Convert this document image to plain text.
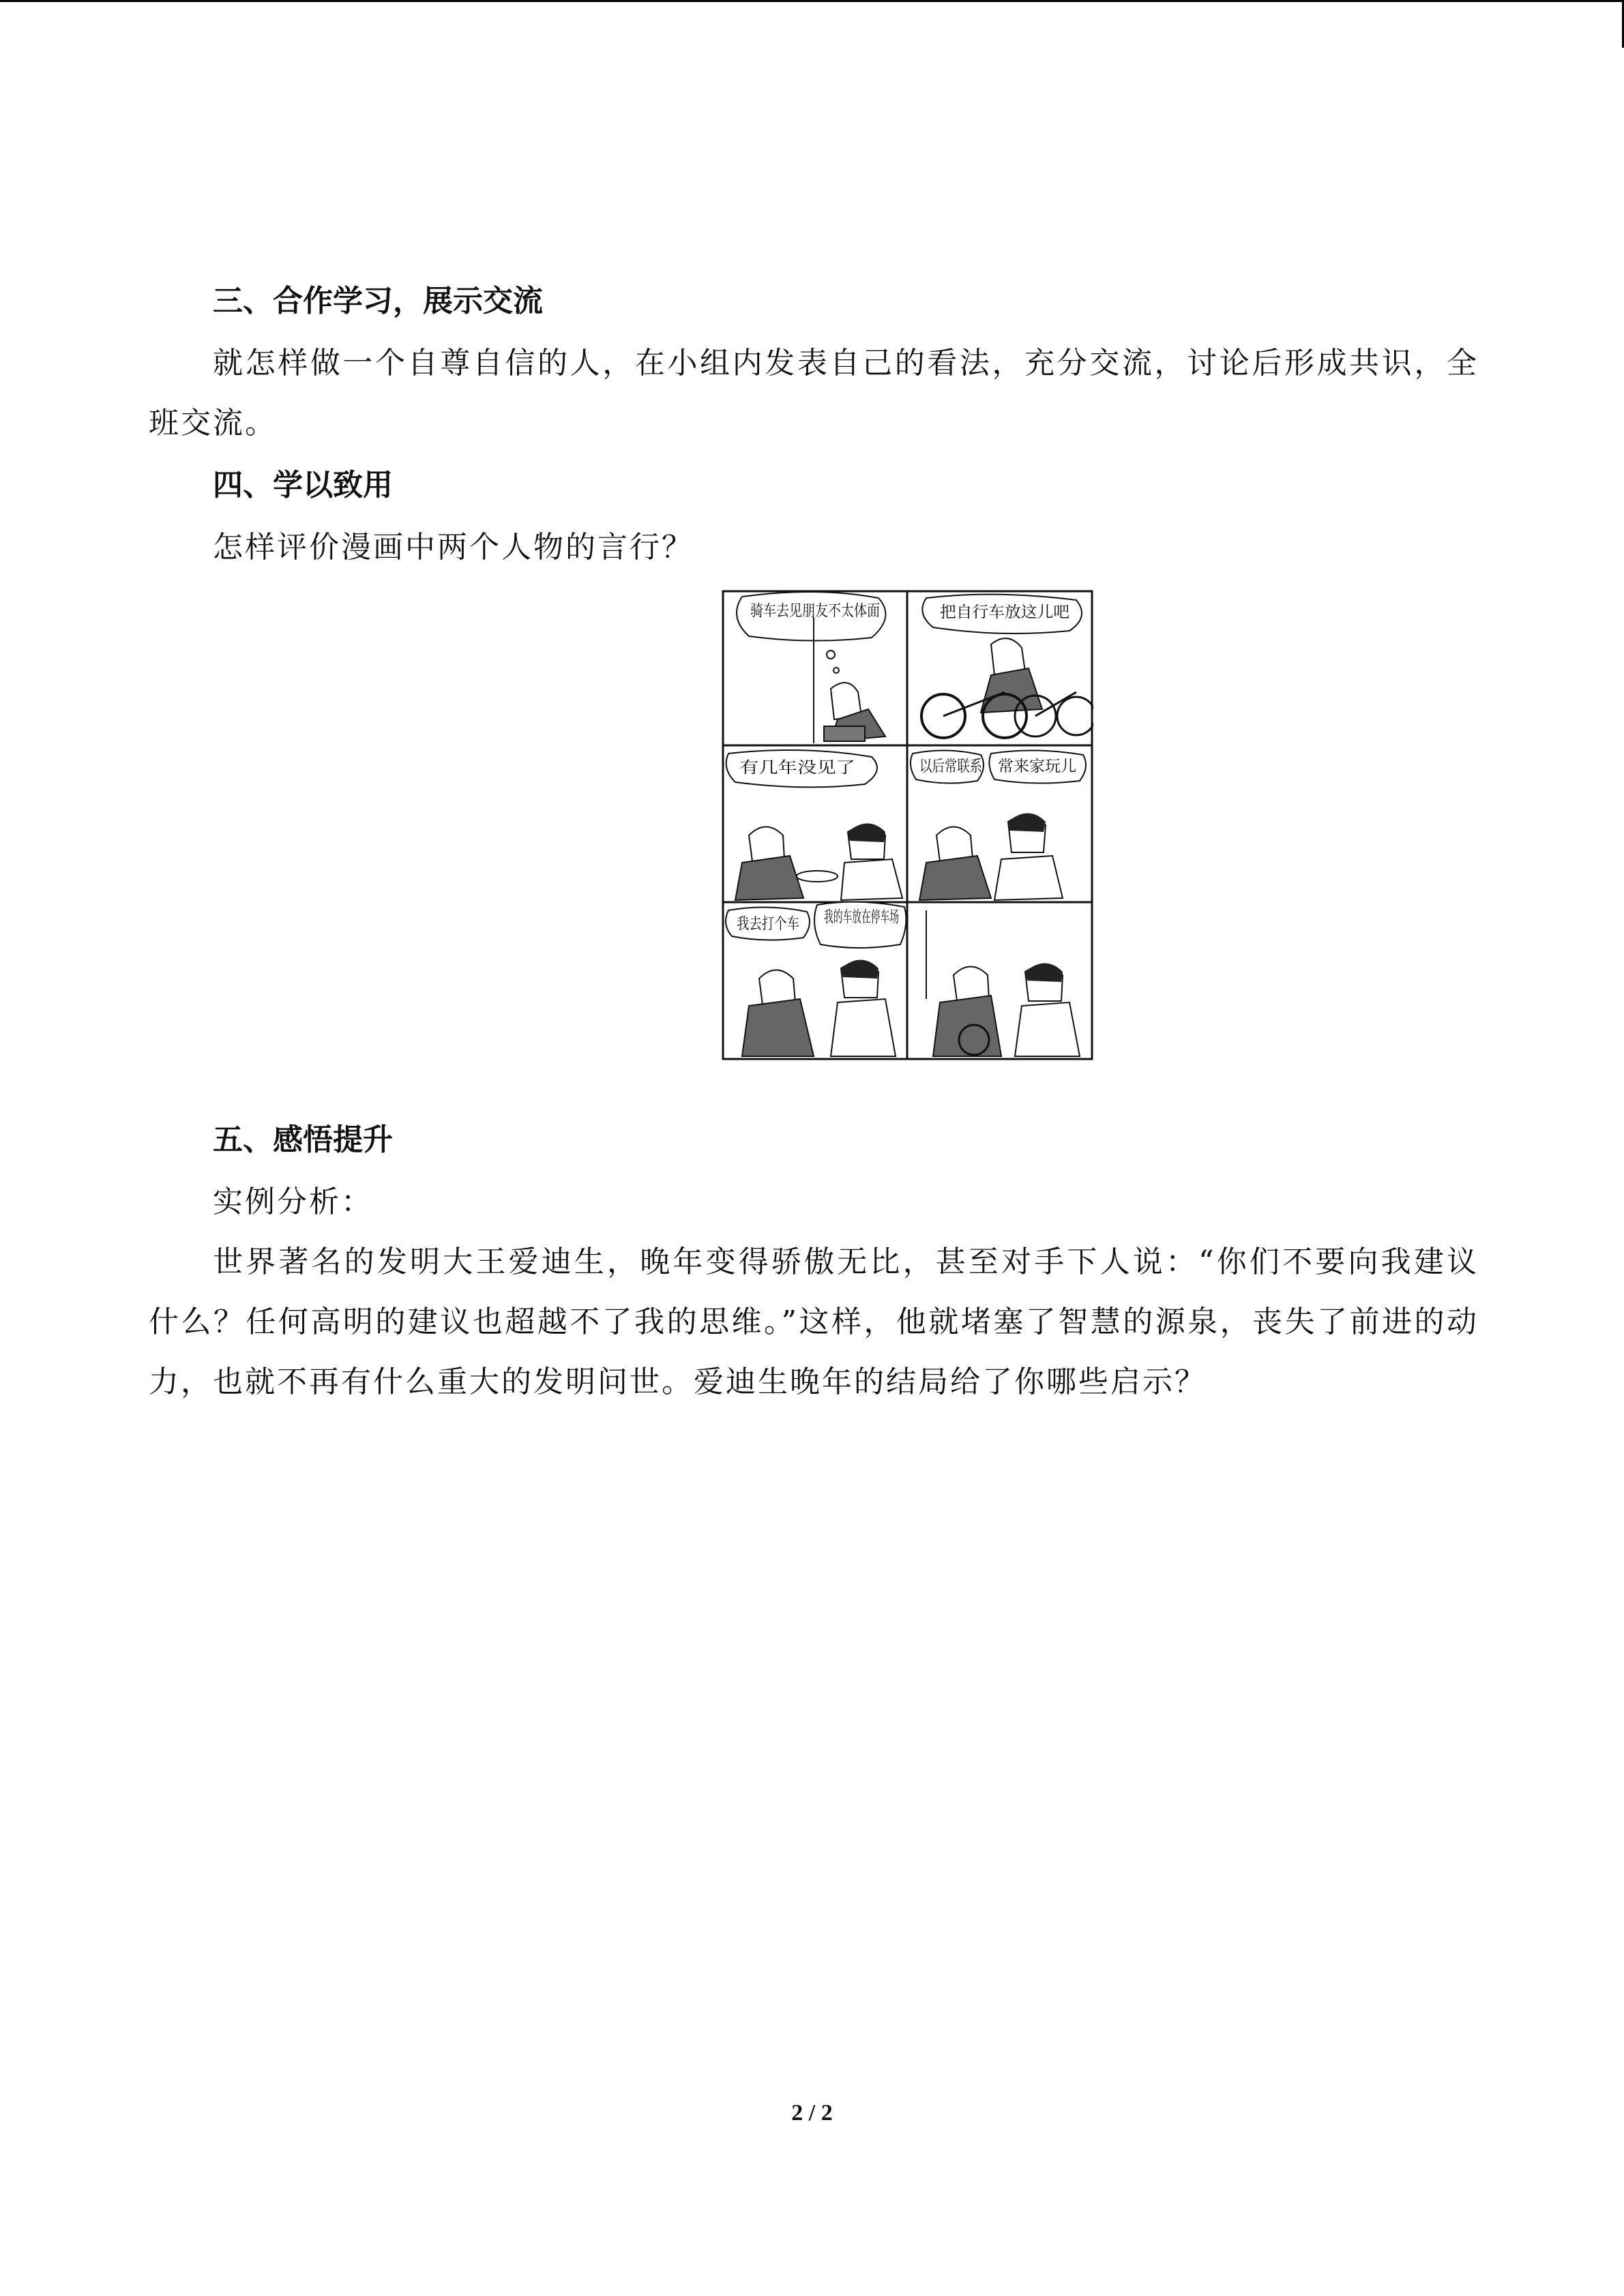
三、合作学习，展示交流

就怎样做一个自尊自信的人，在小组内发表自己的看法，充分交流，讨论后形成共识，全班交流。

四、学以致用

怎样评价漫画中两个人物的言行？

骑车去见朋友不太体面	把自行车放这儿吧
有几年没见了	以后常联系 常来家玩儿
我去打个车 我的车放在停车场

五、感悟提升

实例分析：

世界著名的发明大王爱迪生，晚年变得骄傲无比，甚至对手下人说：“你们不要向我建议什么？任何高明的建议也超越不了我的思维。”这样，他就堵塞了智慧的源泉，丧失了前进的动力，也就不再有什么重大的发明问世。爱迪生晚年的结局给了你哪些启示？

2 / 2
